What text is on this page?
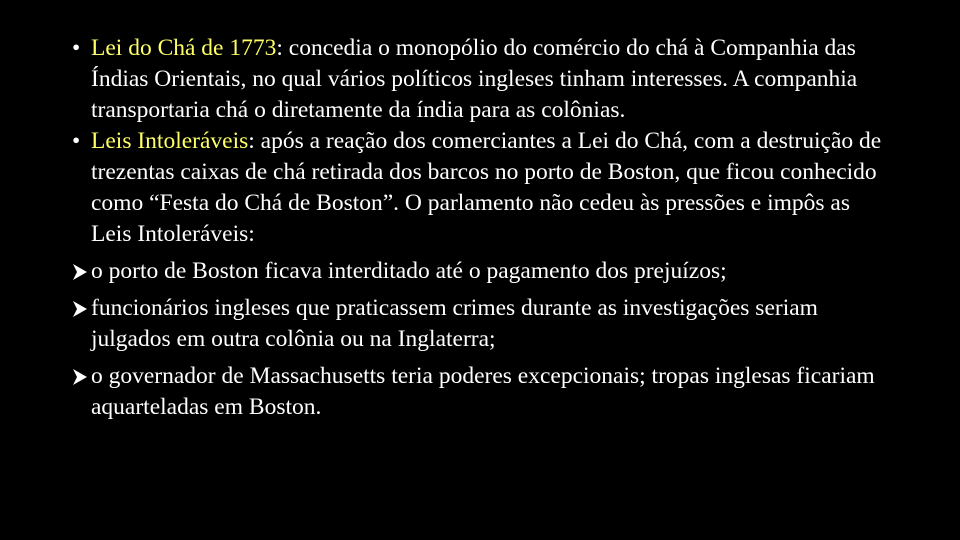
• Lei do Chá de 1773: concedia o monopólio do comércio do chá à Companhia das Índias Orientais, no qual vários políticos ingleses tinham interesses. A companhia transportaria chá o diretamente da índia para as colônias.
• Leis Intoleráveis: após a reação dos comerciantes a Lei do Chá, com a destruição de trezentas caixas de chá retirada dos barcos no porto de Boston, que ficou conhecido como “Festa do Chá de Boston”. O parlamento não cedeu às pressões e impôs as Leis Intoleráveis:
o porto de Boston ficava interditado até o pagamento dos prejuízos;
funcionários ingleses que praticassem crimes durante as investigações seriam julgados em outra colônia ou na Inglaterra;
o governador de Massachusetts teria poderes excepcionais; tropas inglesas ficariam aquarteladas em Boston.
